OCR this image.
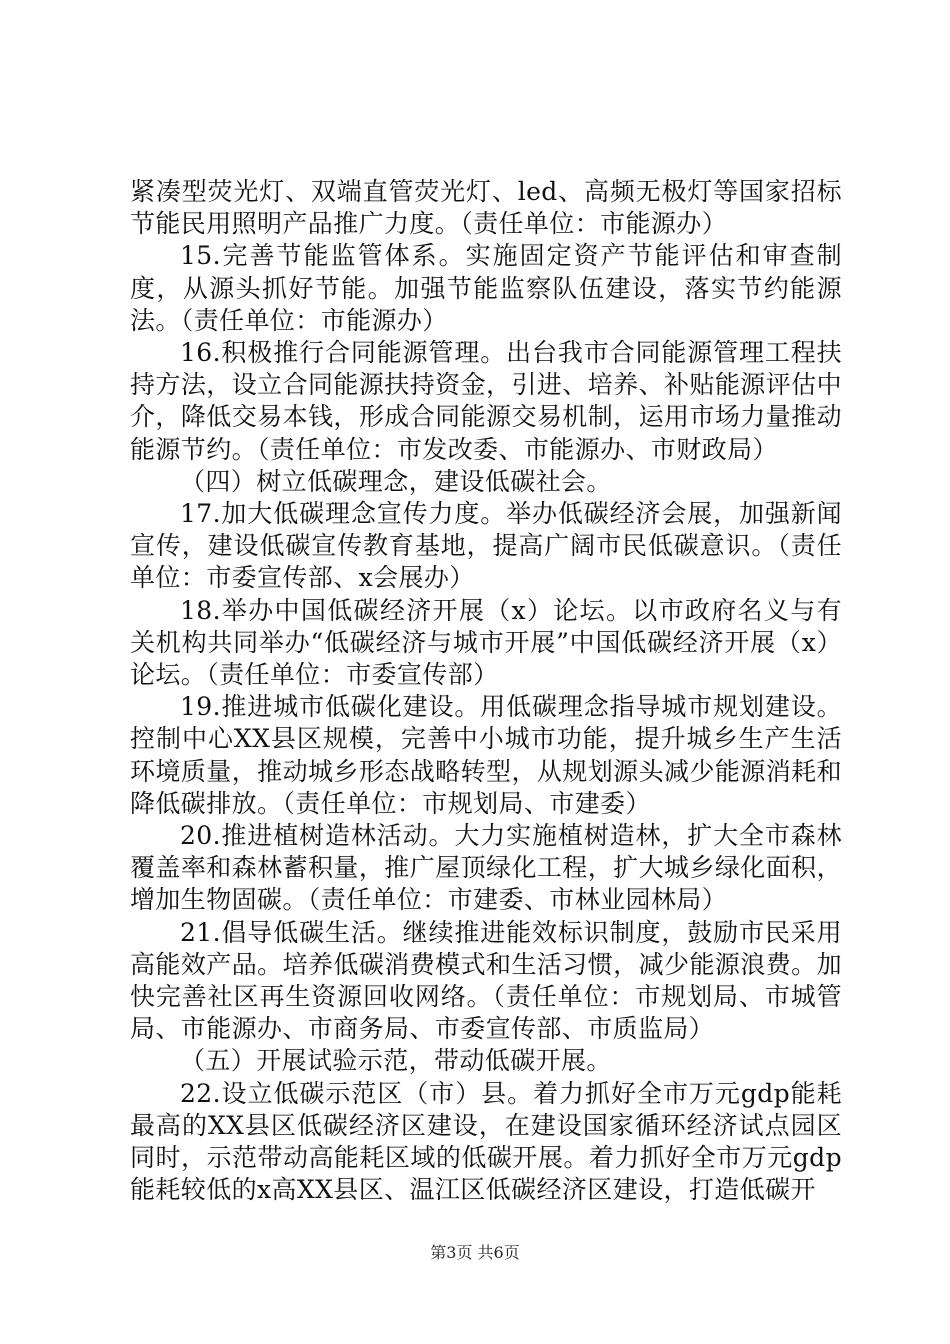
紧凑型荧光灯、双端直管荧光灯、led、高频无极灯等国家招标节能民用照明产品推广力度。（责任单位：市能源办）

15.完善节能监管体系。实施固定资产节能评估和审查制度，从源头抓好节能。加强节能监察队伍建设，落实节约能源法。（责任单位：市能源办）

16.积极推行合同能源管理。出台我市合同能源管理工程扶持方法，设立合同能源扶持资金，引进、培养、补贴能源评估中介，降低交易本钱，形成合同能源交易机制，运用市场力量推动能源节约。（责任单位：市发改委、市能源办、市财政局）

（四）树立低碳理念，建设低碳社会。

17.加大低碳理念宣传力度。举办低碳经济会展，加强新闻宣传，建设低碳宣传教育基地，提高广阔市民低碳意识。（责任单位：市委宣传部、x会展办）

18.举办中国低碳经济开展（x）论坛。以市政府名义与有关机构共同举办“低碳经济与城市开展”中国低碳经济开展（x）论坛。（责任单位：市委宣传部）

19.推进城市低碳化建设。用低碳理念指导城市规划建设。控制中心XX县区规模，完善中小城市功能，提升城乡生产生活环境质量，推动城乡形态战略转型，从规划源头减少能源消耗和降低碳排放。（责任单位：市规划局、市建委）

20.推进植树造林活动。大力实施植树造林，扩大全市森林覆盖率和森林蓄积量，推广屋顶绿化工程，扩大城乡绿化面积，增加生物固碳。（责任单位：市建委、市林业园林局）

21.倡导低碳生活。继续推进能效标识制度，鼓励市民采用高能效产品。培养低碳消费模式和生活习惯，减少能源浪费。加快完善社区再生资源回收网络。（责任单位：市规划局、市城管局、市能源办、市商务局、市委宣传部、市质监局）

（五）开展试验示范，带动低碳开展。

22.设立低碳示范区（市）县。着力抓好全市万元gdp能耗最高的XX县区低碳经济区建设，在建设国家循环经济试点园区同时，示范带动高能耗区域的低碳开展。着力抓好全市万元gdp能耗较低的x高XX县区、温江区低碳经济区建设，打造低碳开

第3页 共6页
